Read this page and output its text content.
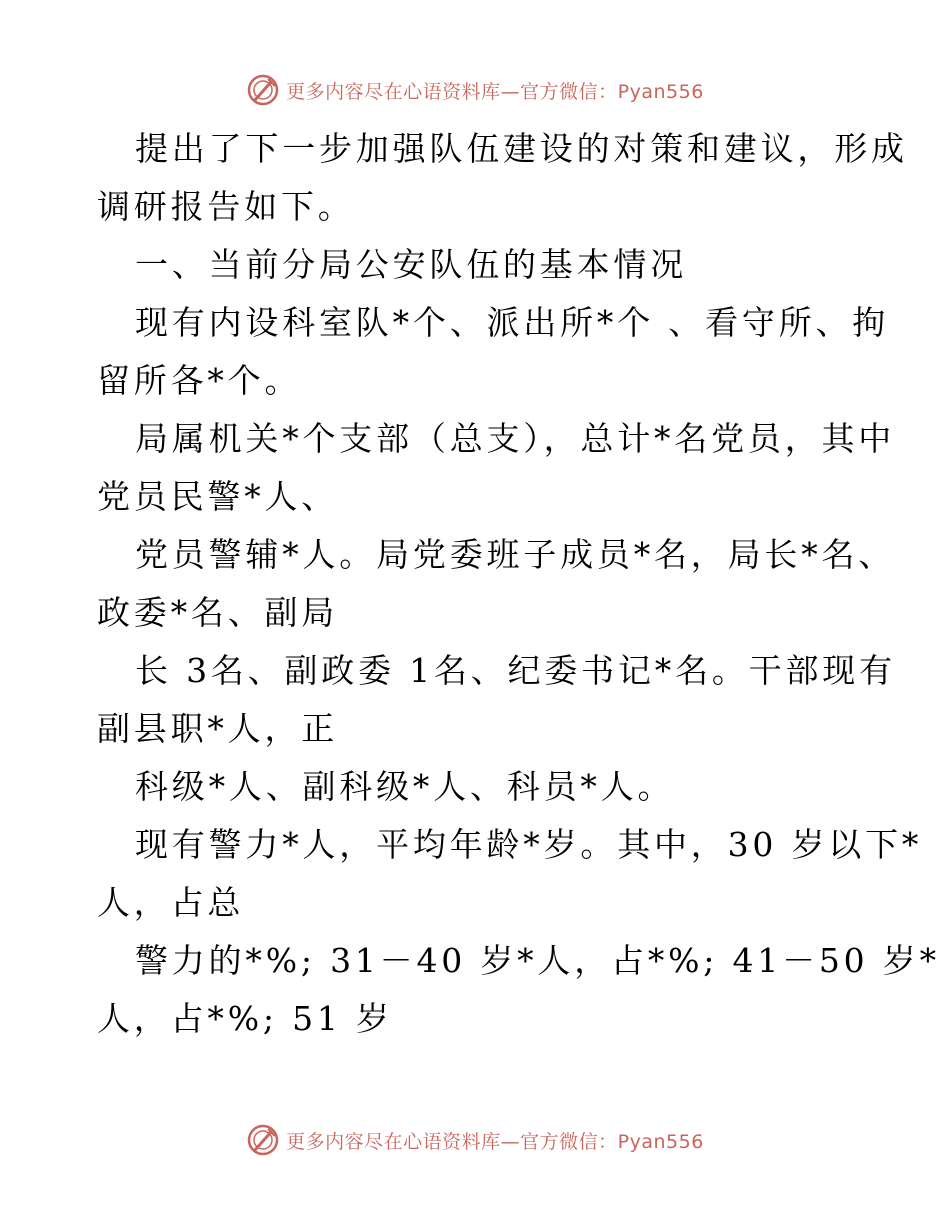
更多内容尽在心语资料库—官方微信：Pyan556
提出了下一步加强队伍建设的对策和建议，形成
调研报告如下。
一、当前分局公安队伍的基本情况
现有内设科室队*个、派出所*个 、看守所、拘
留所各*个。
局属机关*个支部（总支），总计*名党员，其中
党员民警*人、
党员警辅*人。局党委班子成员*名，局长*名、
政委*名、副局
长 3名、副政委 1名、纪委书记*名。干部现有
副县职*人，正
科级*人、副科级*人、科员*人。
现有警力*人，平均年龄*岁。其中，30 岁以下*
人，占总
警力的*%; 31－40 岁*人，占*%; 41－50 岁*
人，占*%; 51 岁
更多内容尽在心语资料库—官方微信：Pyan556
